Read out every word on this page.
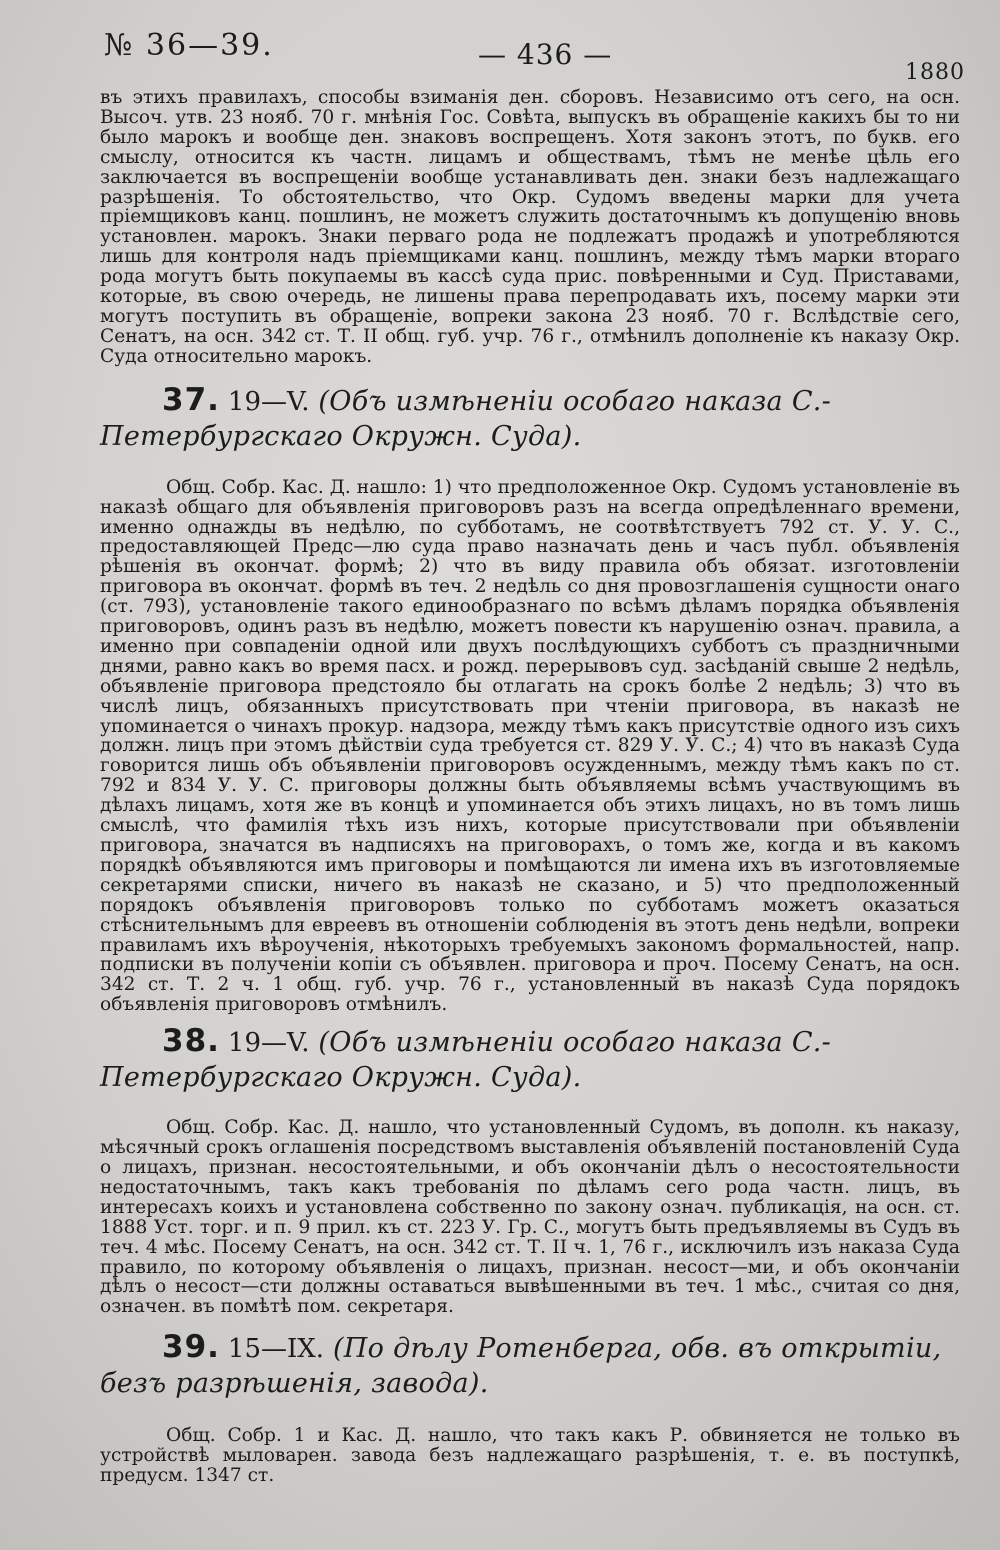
№ 36—39.	— 436 —
1880

въ этихъ правилахъ, способы взиманія ден. сборовъ. Независимо отъ сего, на осн. Высоч. утв. 23 нояб. 70 г. мнѣнія Гос. Совѣта, выпускъ въ обращеніе какихъ бы то ни было марокъ и вообще ден. знаковъ воспрещенъ. Хотя законъ этотъ, по букв. его смыслу, относится къ частн. лицамъ и обществамъ, тѣмъ не менѣе цѣль его заключается въ воспрещеніи вообще устанавливать ден. знаки безъ надлежащаго разрѣшенія. То обстоятельство, что Окр. Судомъ введены марки для учета пріемщиковъ канц. пошлинъ, не можетъ служить достаточнымъ къ допущенію вновь установлен. марокъ. Знаки перваго рода не подлежатъ продажѣ и употребляются лишь для контроля надъ пріемщиками канц. пошлинъ, между тѣмъ марки втораго рода могутъ быть покупаемы въ кассѣ суда прис. повѣренными и Суд. Приставами, которые, въ свою очередь, не лишены права перепродавать ихъ, посему марки эти могутъ поступить въ обращеніе, вопреки закона 23 нояб. 70 г. Вслѣдствіе сего, Сенатъ, на осн. 342 ст. Т. II общ. губ. учр. 76 г., отмѣнилъ дополненіе къ наказу Окр. Суда относительно марокъ.

37. 19—V. (Объ измѣненіи особаго наказа С.-Петербургскаго Окружн. Суда).

Общ. Собр. Кас. Д. нашло: 1) что предположенное Окр. Судомъ установленіе въ наказѣ общаго для объявленія приговоровъ разъ на всегда опредѣленнаго времени, именно однажды въ недѣлю, по субботамъ, не соотвѣтствуетъ 792 ст. У. У. С., предоставляющей Предс—лю суда право назначать день и часъ публ. объявленія рѣшенія въ окончат. формѣ; 2) что въ виду правила объ обязат. изготовленіи приговора въ окончат. формѣ въ теч. 2 недѣль со дня провозглашенія сущности онаго (ст. 793), установленіе такого единообразнаго по всѣмъ дѣламъ порядка объявленія приговоровъ, одинъ разъ въ недѣлю, можетъ повести къ нарушенію означ. правила, а именно при совпаденіи одной или двухъ послѣдующихъ субботъ съ праздничными днями, равно какъ во время пасх. и рожд. перерывовъ суд. засѣданій свыше 2 недѣль, объявленіе приговора предстояло бы отлагать на срокъ болѣе 2 недѣль; 3) что въ числѣ лицъ, обязанныхъ присутствовать при чтеніи приговора, въ наказѣ не упоминается о чинахъ прокур. надзора, между тѣмъ какъ присутствіе одного изъ сихъ должн. лицъ при этомъ дѣйствіи суда требуется ст. 829 У. У. С.; 4) что въ наказѣ Суда говорится лишь объ объявленіи приговоровъ осужденнымъ, между тѣмъ какъ по ст. 792 и 834 У. У. С. приговоры должны быть объявляемы всѣмъ участвующимъ въ дѣлахъ лицамъ, хотя же въ концѣ и упоминается объ этихъ лицахъ, но въ томъ лишь смыслѣ, что фамилія тѣхъ изъ нихъ, которые присутствовали при объявленіи приговора, значатся въ надписяхъ на приговорахъ, о томъ же, когда и въ какомъ порядкѣ объявляются имъ приговоры и помѣщаются ли имена ихъ въ изготовляемые секретарями списки, ничего въ наказѣ не сказано, и 5) что предположенный порядокъ объявленія приговоровъ только по субботамъ можетъ оказаться стѣснительнымъ для евреевъ въ отношеніи соблюденія въ этотъ день недѣли, вопреки правиламъ ихъ вѣроученія, нѣкоторыхъ требуемыхъ закономъ формальностей, напр. подписки въ полученіи копіи съ объявлен. приговора и проч. Посему Сенатъ, на осн. 342 ст. Т. 2 ч. 1 общ. губ. учр. 76 г., установленный въ наказѣ Суда порядокъ объявленія приговоровъ отмѣнилъ.

38. 19—V. (Объ измѣненіи особаго наказа С.-Петербургскаго Окружн. Суда).

Общ. Собр. Кас. Д. нашло, что установленный Судомъ, въ дополн. къ наказу, мѣсячный срокъ оглашенія посредствомъ выставленія объявленій постановленій Суда о лицахъ, признан. несостоятельными, и объ окончаніи дѣлъ о несостоятельности недостаточнымъ, такъ какъ требованія по дѣламъ сего рода частн. лицъ, въ интересахъ коихъ и установлена собственно по закону означ. публикація, на осн. ст. 1888 Уст. торг. и п. 9 прил. къ ст. 223 У. Гр. С., могутъ быть предъявляемы въ Судъ въ теч. 4 мѣс. Посему Сенатъ, на осн. 342 ст. Т. II ч. 1, 76 г., исключилъ изъ наказа Суда правило, по которому объявленія о лицахъ, признан. несост—ми, и объ окончаніи дѣлъ о несост—сти должны оставаться вывѣшенными въ теч. 1 мѣс., считая со дня, означен. въ помѣтѣ пом. секретаря.

39. 15—IX. (По дѣлу Ротенберга, обв. въ открытіи, безъ разрѣшенія, завода).

Общ. Собр. 1 и Кас. Д. нашло, что такъ какъ Р. обвиняется не только въ устройствѣ мыловарен. завода безъ надлежащаго разрѣшенія, т. е. въ поступкѣ, предусм. 1347 ст.
